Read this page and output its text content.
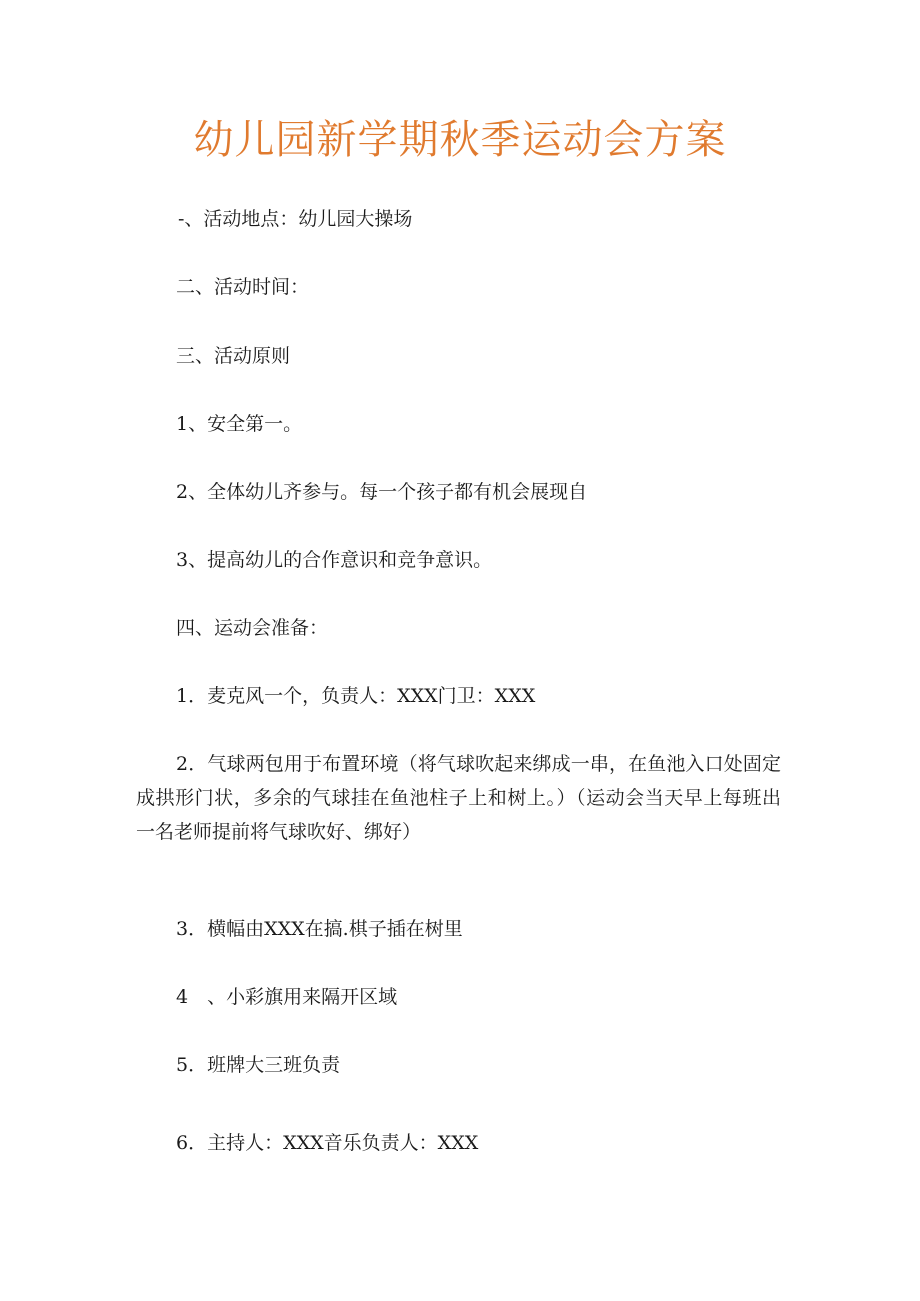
幼儿园新学期秋季运动会方案

-、活动地点：幼儿园大操场

二、活动时间：

三、活动原则

1、安全第一。

2、全体幼儿齐参与。每一个孩子都有机会展现自

3、提高幼儿的合作意识和竞争意识。

四、运动会准备：

1．麦克风一个，负责人：XXX门卫：XXX

2．气球两包用于布置环境（将气球吹起来绑成一串，在鱼池入口处固定成拱形门状，多余的气球挂在鱼池柱子上和树上。）（运动会当天早上每班出一名老师提前将气球吹好、绑好）

3．横幅由XXX在搞.棋子插在树里

4　、小彩旗用来隔开区域

5．班牌大三班负责

6．主持人：XXX音乐负责人：XXX
